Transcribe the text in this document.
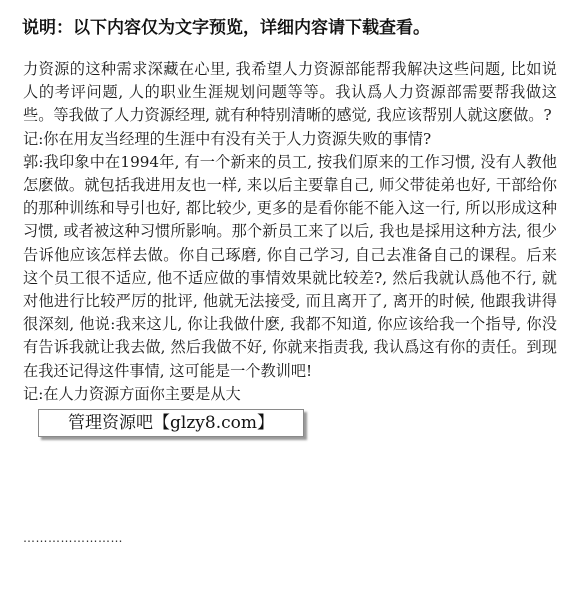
说明：以下内容仅为文字预览，详细内容请下载查看。

力资源的这种需求深藏在心里, 我希望人力资源部能帮我解决这些问题, 比如说人的考评问题, 人的职业生涯规划问题等等。我认爲人力资源部需要帮我做这些。等我做了人力资源经理, 就有种特别清晰的感觉, 我应该帮别人就这麽做。?

记:你在用友当经理的生涯中有没有关于人力资源失败的事情?

郭:我印象中在1994年, 有一个新来的员工, 按我们原来的工作习惯, 没有人教他怎麽做。就包括我进用友也一样, 来以后主要靠自己, 师父带徒弟也好, 干部给你的那种训练和导引也好, 都比较少, 更多的是看你能不能入这一行, 所以形成这种习惯, 或者被这种习惯所影响。那个新员工来了以后, 我也是採用这种方法, 很少告诉他应该怎样去做。你自己琢磨, 你自己学习, 自己去准备自己的课程。后来这个员工很不适应, 他不适应做的事情效果就比较差?, 然后我就认爲他不行, 就对他进行比较严厉的批评, 他就无法接受, 而且离开了, 离开的时候, 他跟我讲得很深刻, 他说:我来这儿, 你让我做什麽, 我都不知道, 你应该给我一个指导, 你没有告诉我就让我去做, 然后我做不好, 你就来指责我, 我认爲这有你的责任。到现在我还记得这件事情, 这可能是一个教训吧!

记:在人力资源方面你主要是从大

……………………
管理资源吧【glzy8.com】
